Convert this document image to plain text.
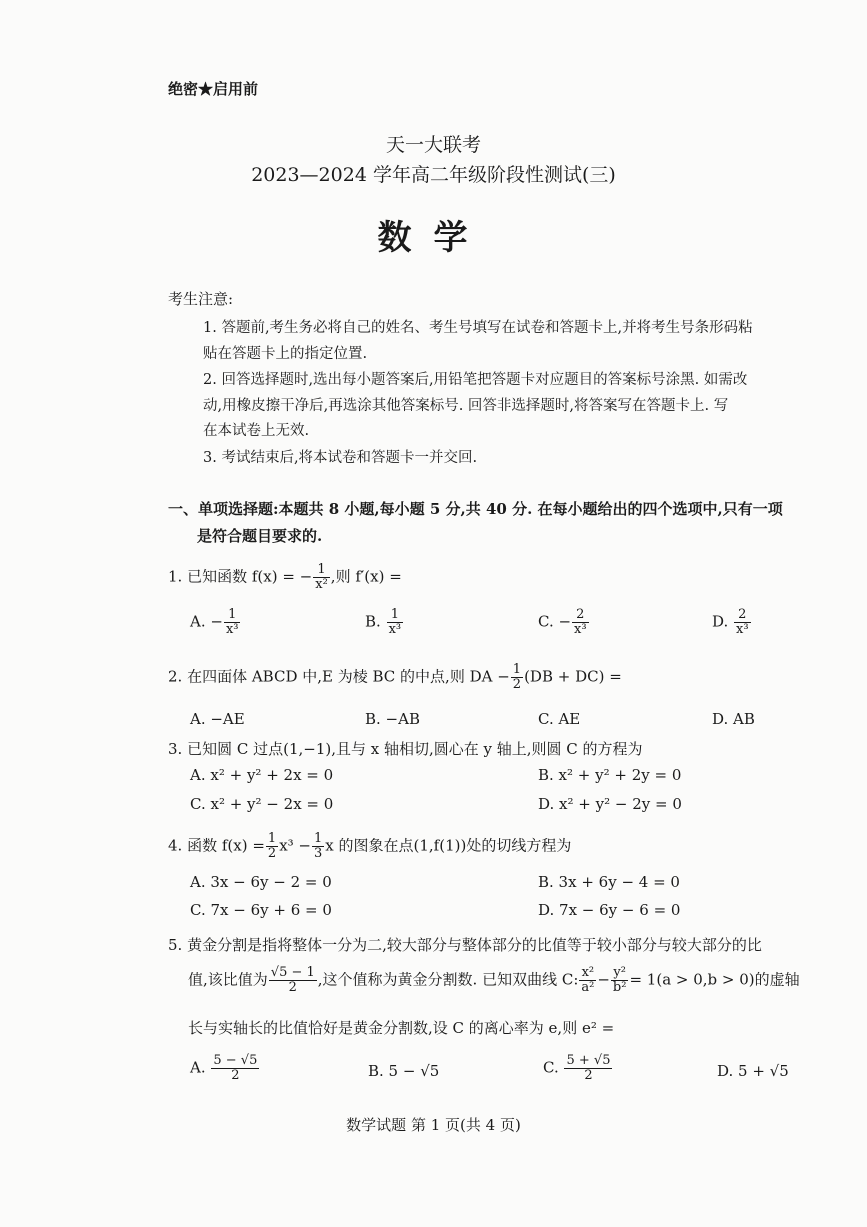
绝密★启用前
天一大联考
2023—2024 学年高二年级阶段性测试(三)
数学
考生注意:
1. 答题前,考生务必将自己的姓名、考生号填写在试卷和答题卡上,并将考生号条形码粘
贴在答题卡上的指定位置.
2. 回答选择题时,选出每小题答案后,用铅笔把答题卡对应题目的答案标号涂黑. 如需改
动,用橡皮擦干净后,再选涂其他答案标号. 回答非选择题时,将答案写在答题卡上. 写
在本试卷上无效.
3. 考试结束后,将本试卷和答题卡一并交回.
一、单项选择题:本题共 8 小题,每小题 5 分,共 40 分. 在每小题给出的四个选项中,只有一项
是符合题目要求的.
1. 已知函数 f(x) = − $\frac{1}{\text{x²}}$ ,则 f′(x) =
A. − $\frac{1}{\text{x³}}$	B. $\frac{1}{\text{x³}}$	C. − $\frac{2}{\text{x³}}$	D. $\frac{2}{\text{x³}}$
2. 在四面体 ABCD 中,E 为棱 BC 的中点,则 DA − $\frac{1}{2} (DB + DC)$ =
A. −AE	B. −AB	C. AE	D. AB
3. 已知圆 C 过点(1,−1),且与 x 轴相切,圆心在 y 轴上,则圆 C 的方程为
A. x² + y² + 2x = 0	B. x² + y² + 2y = 0
C. x² + y² − 2x = 0	D. x² + y² − 2y = 0
4. 函数 $f(x) = \frac{1}{2} x^3 - \frac{1}{3}$ x 的图象在点(1,f(1))处的切线方程为
A. 3x − 6y − 2 = 0	B. 3x + 6y − 4 = 0
C. 7x − 6y + 6 = 0	D. 7x − 6y − 6 = 0
5. 黄金分割是指将整体一分为二,较大部分与整体部分的比值等于较小部分与较大部分的比
值,该比值为 $\frac{√5 - 1}{2}$ ,这个值称为黄金分割数. 已知双曲线 C: $\frac{\text{x²}}{\text{a²}} - \frac{\text{y²}}{\text{b²}} = 1(a > 0,b > 0)$的虚轴
长与实轴长的比值恰好是黄金分割数,设 C 的离心率为 e,则 e² =
A. $\frac{5 - √5}{2}$	B. 5 − √5	C. $\frac{5 + √5}{2}$	D. 5 + √5
数学试题 第 1 页(共 4 页)
